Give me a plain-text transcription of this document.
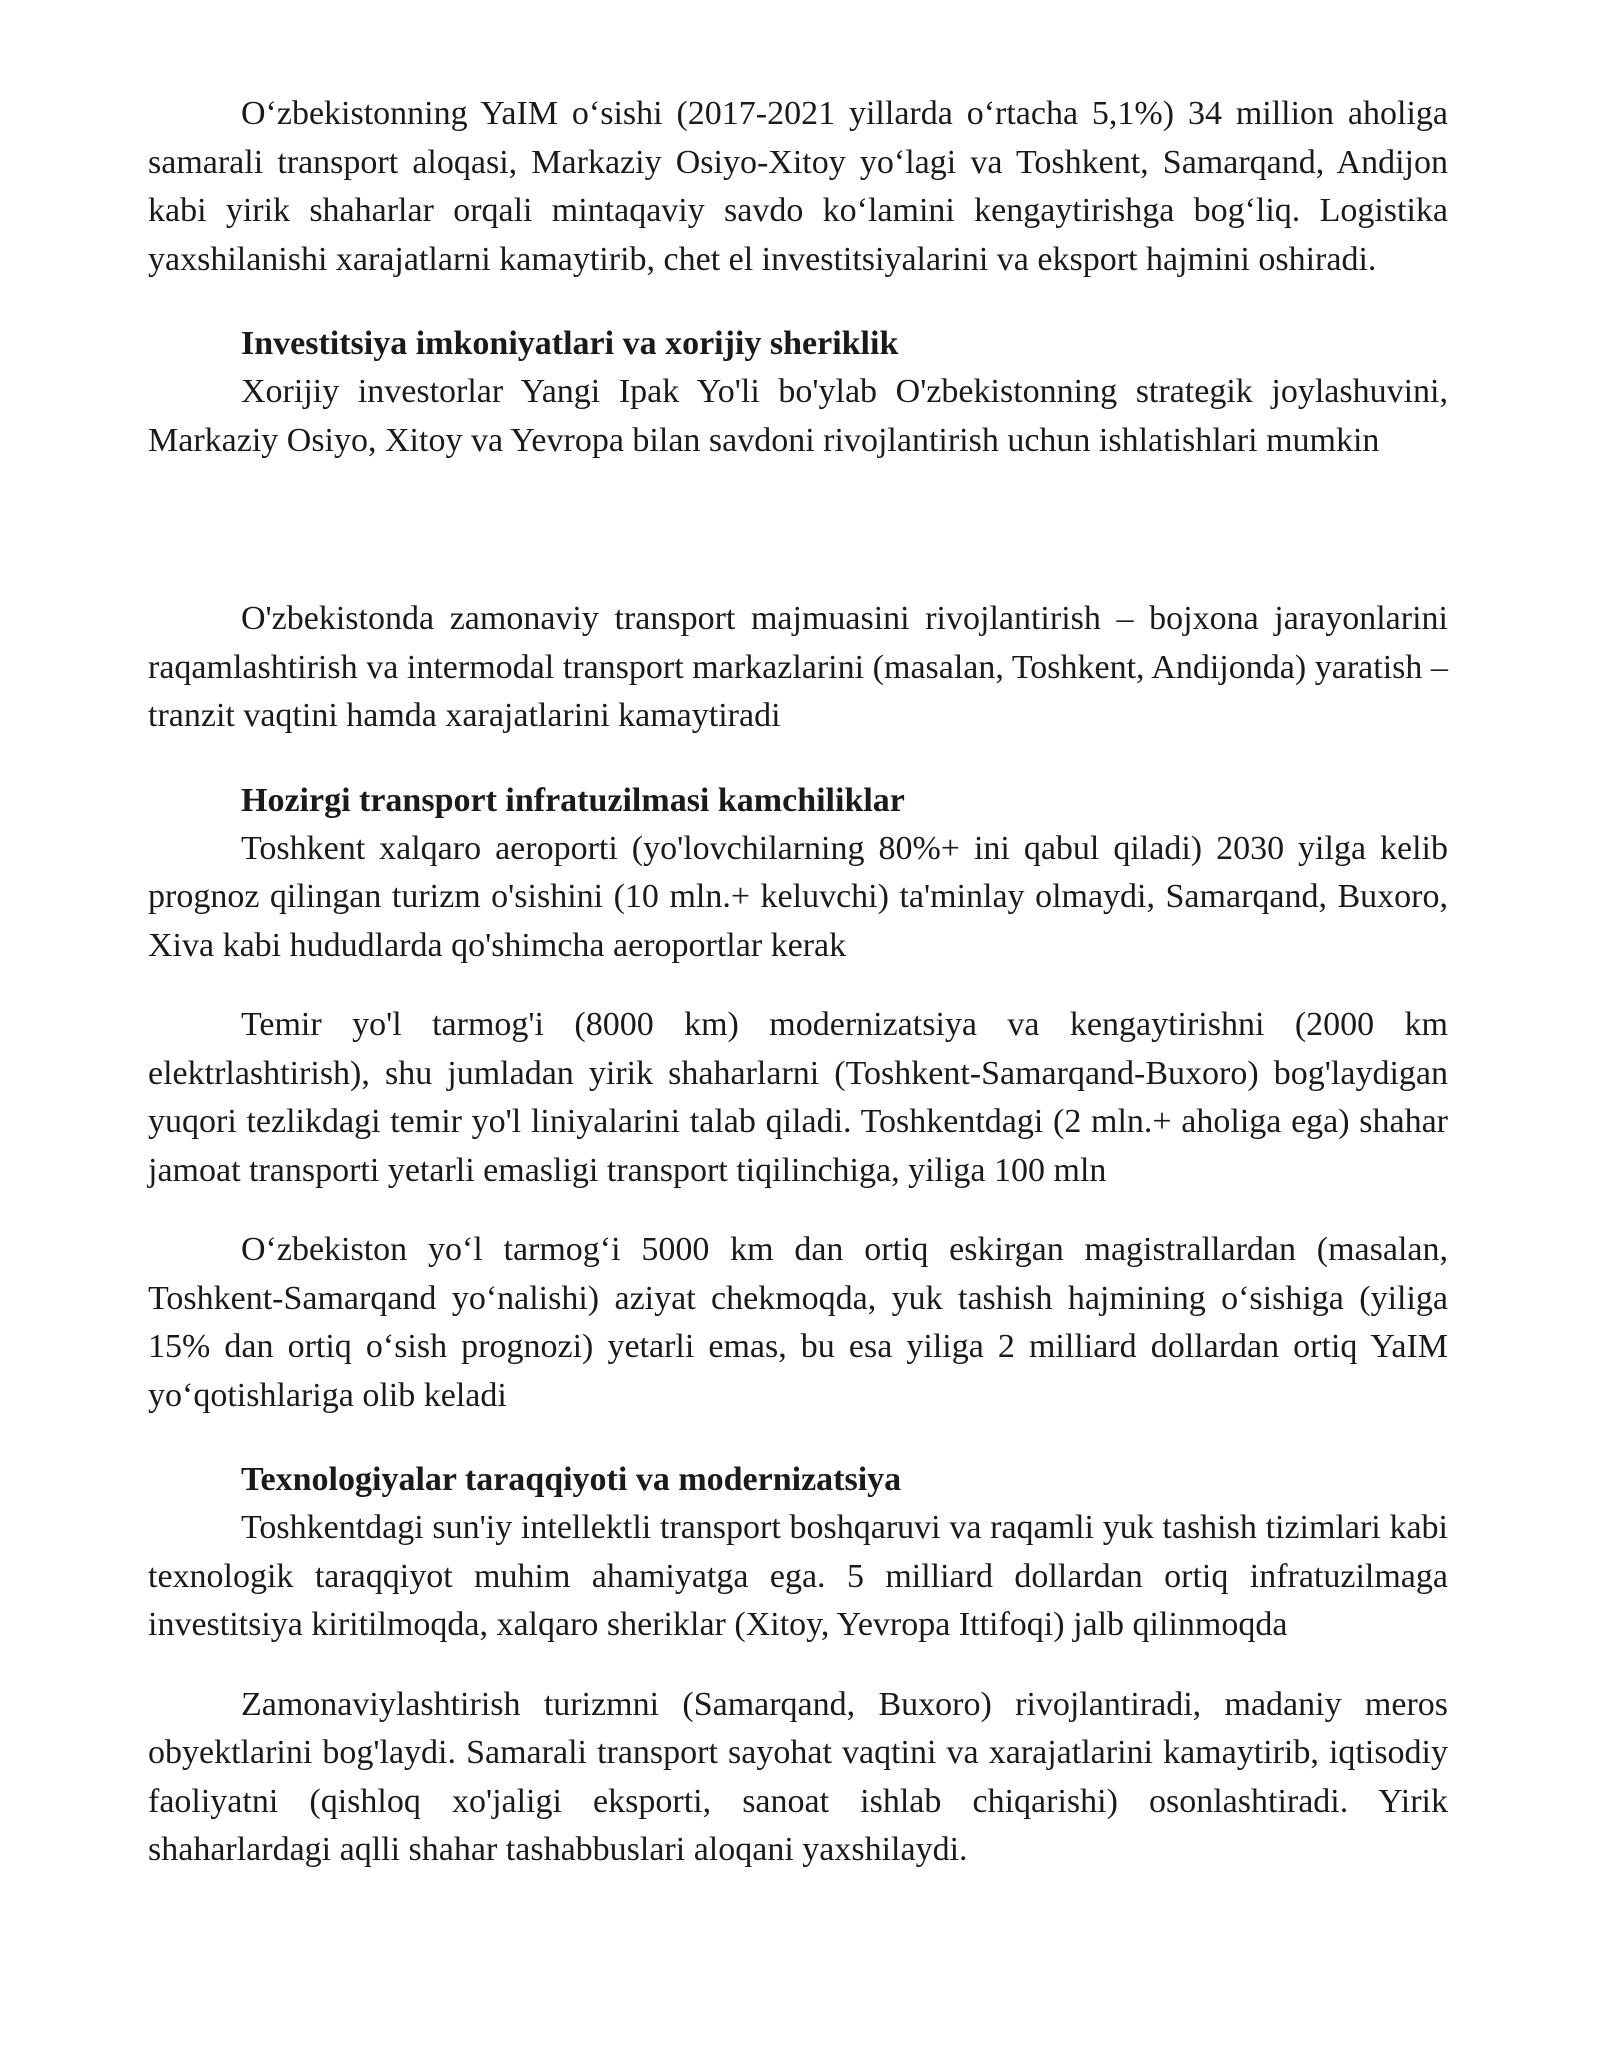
O‘zbekistonning YaIM o‘sishi (2017-2021 yillarda o‘rtacha 5,1%) 34 million aholiga samarali transport aloqasi, Markaziy Osiyo-Xitoy yo‘lagi va Toshkent, Samarqand, Andijon kabi yirik shaharlar orqali mintaqaviy savdo ko‘lamini kengaytirishga bog‘liq. Logistika yaxshilanishi xarajatlarni kamaytirib, chet el investitsiyalarini va eksport hajmini oshiradi.

Investitsiya imkoniyatlari va xorijiy sheriklik

Xorijiy investorlar Yangi Ipak Yo'li bo'ylab O'zbekistonning strategik joylashuvini, Markaziy Osiyo, Xitoy va Yevropa bilan savdoni rivojlantirish uchun ishlatishlari mumkin

O'zbekistonda zamonaviy transport majmuasini rivojlantirish – bojxona jarayonlarini raqamlashtirish va intermodal transport markazlarini (masalan, Toshkent, Andijonda) yaratish – tranzit vaqtini hamda xarajatlarini kamaytiradi

Hozirgi transport infratuzilmasi kamchiliklar

Toshkent xalqaro aeroporti (yo'lovchilarning 80%+ ini qabul qiladi) 2030 yilga kelib prognoz qilingan turizm o'sishini (10 mln.+ keluvchi) ta'minlay olmaydi, Samarqand, Buxoro, Xiva kabi hududlarda qo'shimcha aeroportlar kerak

Temir yo'l tarmog'i (8000 km) modernizatsiya va kengaytirishni (2000 km elektrlashtirish), shu jumladan yirik shaharlarni (Toshkent-Samarqand-Buxoro) bog'laydigan yuqori tezlikdagi temir yo'l liniyalarini talab qiladi. Toshkentdagi (2 mln.+ aholiga ega) shahar jamoat transporti yetarli emasligi transport tiqilinchiga, yiliga 100 mln

O‘zbekiston yo‘l tarmog‘i 5000 km dan ortiq eskirgan magistrallardan (masalan, Toshkent-Samarqand yo‘nalishi) aziyat chekmoqda, yuk tashish hajmining o‘sishiga (yiliga 15% dan ortiq o‘sish prognozi) yetarli emas, bu esa yiliga 2 milliard dollardan ortiq YaIM yo‘qotishlariga olib keladi

Texnologiyalar taraqqiyoti va modernizatsiya

Toshkentdagi sun'iy intellektli transport boshqaruvi va raqamli yuk tashish tizimlari kabi texnologik taraqqiyot muhim ahamiyatga ega. 5 milliard dollardan ortiq infratuzilmaga investitsiya kiritilmoqda, xalqaro sheriklar (Xitoy, Yevropa Ittifoqi) jalb qilinmoqda

Zamonaviylashtirish turizmni (Samarqand, Buxoro) rivojlantiradi, madaniy meros obyektlarini bog'laydi. Samarali transport sayohat vaqtini va xarajatlarini kamaytirib, iqtisodiy faoliyatni (qishloq xo'jaligi eksporti, sanoat ishlab chiqarishi) osonlashtiradi. Yirik shaharlardagi aqlli shahar tashabbuslari aloqani yaxshilaydi.
